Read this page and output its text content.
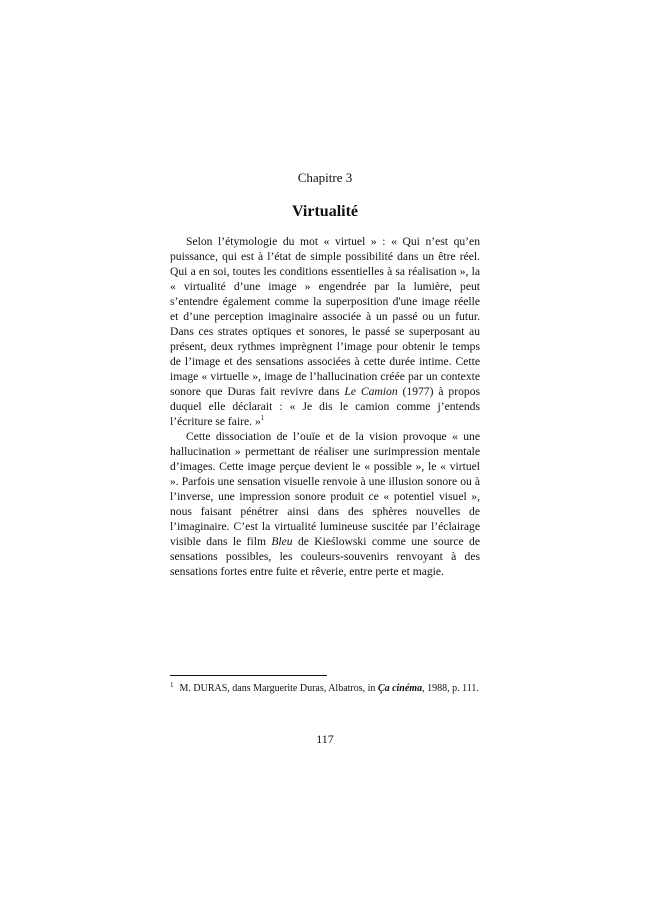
Chapitre 3
Virtualité

Selon l’étymologie du mot « virtuel » : « Qui n’est qu’en puissance, qui est à l’état de simple possibilité dans un être réel. Qui a en soi, toutes les conditions essentielles à sa réalisation », la « virtualité d’une image » engendrée par la lumière, peut s’entendre également comme la superposition d'une image réelle et d’une perception imaginaire associée à un passé ou un futur. Dans ces strates optiques et sonores, le passé se superposant au présent, deux rythmes imprègnent l’image pour obtenir le temps de l’image et des sensations associées à cette durée intime. Cette image « virtuelle », image de l’hallucination créée par un contexte sonore que Duras fait revivre dans Le Camion (1977) à propos duquel elle déclarait : « Je dis le camion comme j’entends l’écriture se faire. »$^1$

Cette dissociation de l’ouïe et de la vision provoque « une hallucination » permettant de réaliser une surimpression mentale d’images. Cette image perçue devient le « possible », le « virtuel ». Parfois une sensation visuelle renvoie à une illusion sonore ou à l’inverse, une impression sonore produit ce « potentiel visuel », nous faisant pénétrer ainsi dans des sphères nouvelles de l’imaginaire. C’est la virtualité lumineuse suscitée par l’éclairage visible dans le film Bleu de Kieślowski comme une source de sensations possibles, les couleurs-souvenirs renvoyant à des sensations fortes entre fuite et rêverie, entre perte et magie.

$^1$ M. DURAS, dans Marguerite Duras, Albatros, in Ça cinéma, 1988, p. 111.
117
